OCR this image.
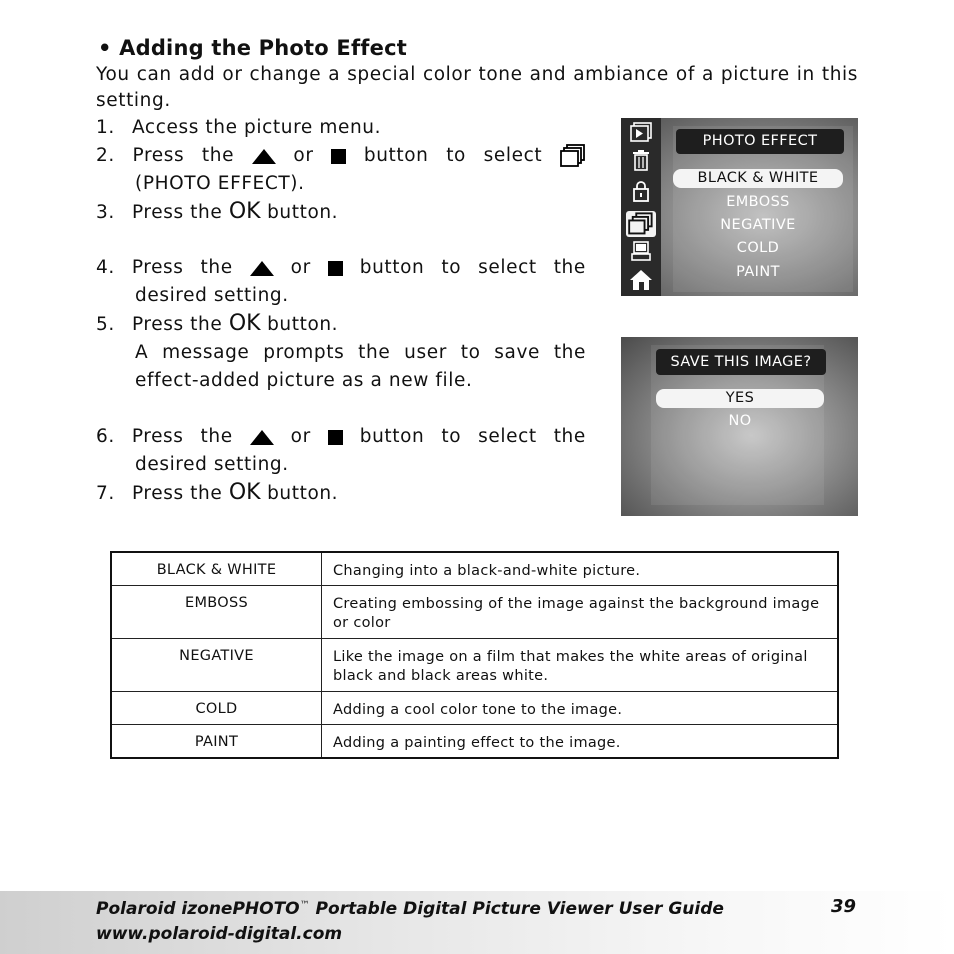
• Adding the Photo Effect
You can add or change a special color tone and ambiance of a picture in this setting.
1. Access the picture menu.
2. Press the	or	button to select
(PHOTO EFFECT).
3. Press the OK button.
4. Press the	or	button to select the
desired setting.
5. Press the OK button.
A message prompts the user to save the
effect-added picture as a new file.
6. Press the	or	button to select the
desired setting.
7. Press the OK button.
PHOTO EFFECT
BLACK & WHITE
EMBOSS
NEGATIVE
COLD
PAINT
SAVE THIS IMAGE?
YES
NO
BLACK & WHITE	Changing into a black-and-white picture.
EMBOSS	Creating embossing of the image against the background image or color
NEGATIVE	Like the image on a film that makes the white areas of original black and black areas white.
COLD	Adding a cool color tone to the image.
PAINT	Adding a painting effect to the image.
Polaroid izonePHOTO™ Portable Digital Picture Viewer User Guide
www.polaroid-digital.com
39
